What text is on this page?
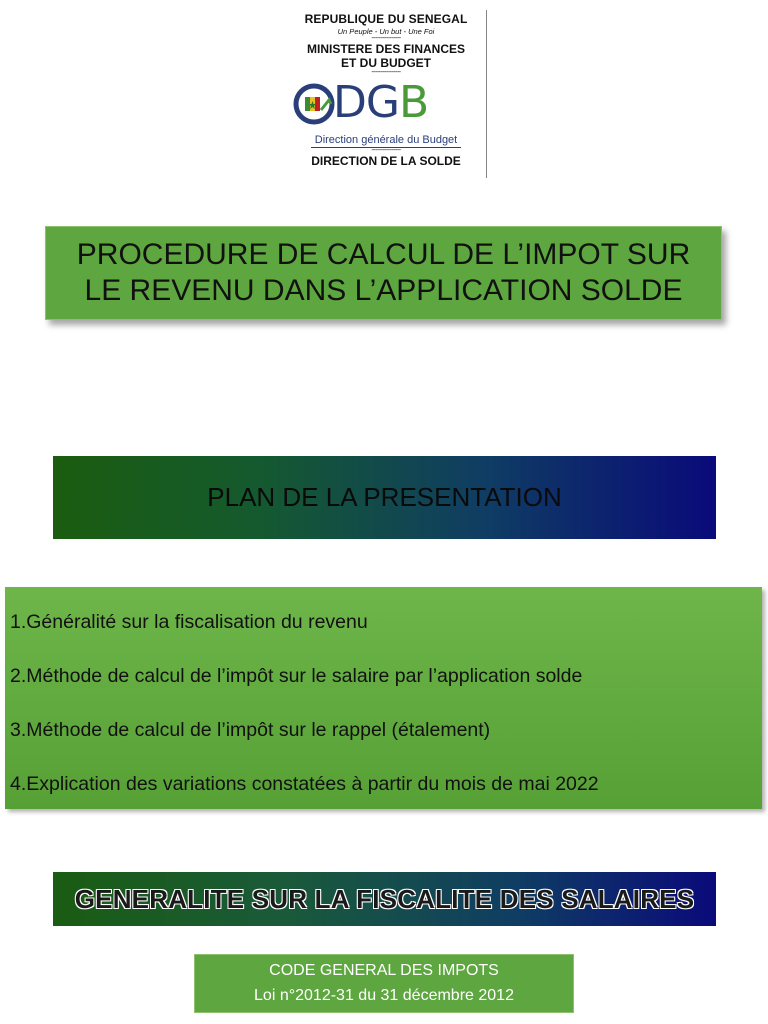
REPUBLIQUE DU SENEGAL
Un Peuple - Un but - Une Foi
----------------
MINISTERE DES FINANCES
ET DU BUDGET
----------------
DGB
Direction générale du Budget
----------------
DIRECTION DE LA SOLDE
PROCEDURE DE CALCUL DE L’IMPOT SUR
LE REVENU DANS L’APPLICATION SOLDE
PLAN DE LA PRESENTATION
1.Généralité sur la fiscalisation du revenu
2.Méthode de calcul de l’impôt sur le salaire par l’application solde
3.Méthode de calcul de l’impôt sur le rappel (étalement)
4.Explication des variations constatées à partir du mois de mai 2022
GENERALITE SUR LA FISCALITE DES SALAIRES
CODE GENERAL DES IMPOTS
Loi n°2012-31 du 31 décembre 2012
